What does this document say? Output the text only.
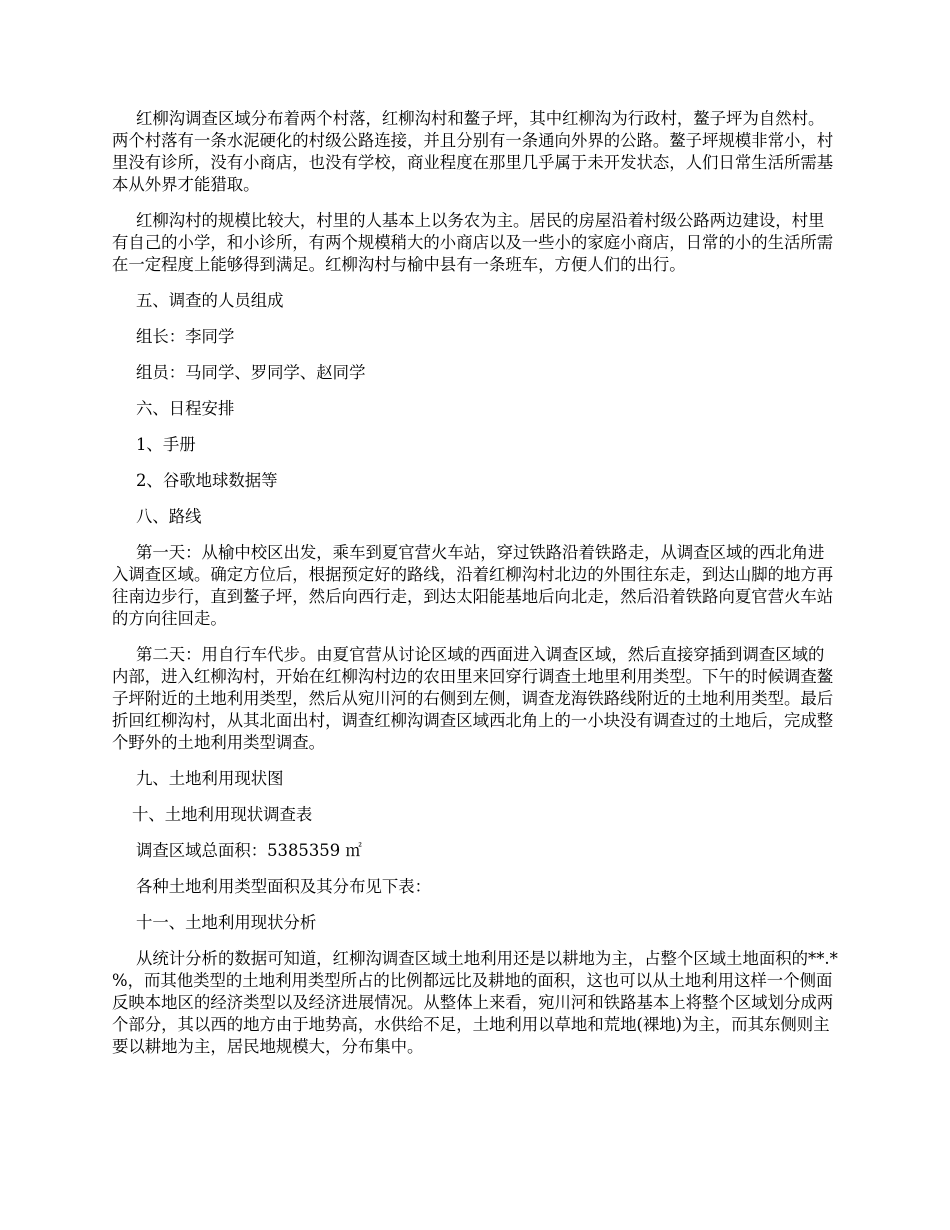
红柳沟调查区域分布着两个村落，红柳沟村和鳌子坪，其中红柳沟为行政村，鳌子坪为自然村。两个村落有一条水泥硬化的村级公路连接，并且分别有一条通向外界的公路。鳌子坪规模非常小，村里没有诊所，没有小商店，也没有学校，商业程度在那里几乎属于未开发状态，人们日常生活所需基本从外界才能猎取。

红柳沟村的规模比较大，村里的人基本上以务农为主。居民的房屋沿着村级公路两边建设，村里有自己的小学，和小诊所，有两个规模稍大的小商店以及一些小的家庭小商店，日常的小的生活所需在一定程度上能够得到满足。红柳沟村与榆中县有一条班车，方便人们的出行。

五、调查的人员组成

组长：李同学

组员：马同学、罗同学、赵同学

六、日程安排

1、手册

2、谷歌地球数据等

八、路线

第一天：从榆中校区出发，乘车到夏官营火车站，穿过铁路沿着铁路走，从调查区域的西北角进入调查区域。确定方位后，根据预定好的路线，沿着红柳沟村北边的外围往东走，到达山脚的地方再往南边步行，直到鳌子坪，然后向西行走，到达太阳能基地后向北走，然后沿着铁路向夏官营火车站的方向往回走。

第二天：用自行车代步。由夏官营从讨论区域的西面进入调查区域，然后直接穿插到调查区域的内部，进入红柳沟村，开始在红柳沟村边的农田里来回穿行调查土地里利用类型。下午的时候调查鳌子坪附近的土地利用类型，然后从宛川河的右侧到左侧，调查龙海铁路线附近的土地利用类型。最后折回红柳沟村，从其北面出村，调查红柳沟调查区域西北角上的一小块没有调查过的土地后，完成整个野外的土地利用类型调查。

九、土地利用现状图

十、土地利用现状调查表

调查区域总面积：5385359 ㎡

各种土地利用类型面积及其分布见下表：

十一、土地利用现状分析

从统计分析的数据可知道，红柳沟调查区域土地利用还是以耕地为主，占整个区域土地面积的**.*%，而其他类型的土地利用类型所占的比例都远比及耕地的面积，这也可以从土地利用这样一个侧面反映本地区的经济类型以及经济进展情况。从整体上来看，宛川河和铁路基本上将整个区域划分成两个部分，其以西的地方由于地势高，水供给不足，土地利用以草地和荒地(裸地)为主，而其东侧则主要以耕地为主，居民地规模大，分布集中。
